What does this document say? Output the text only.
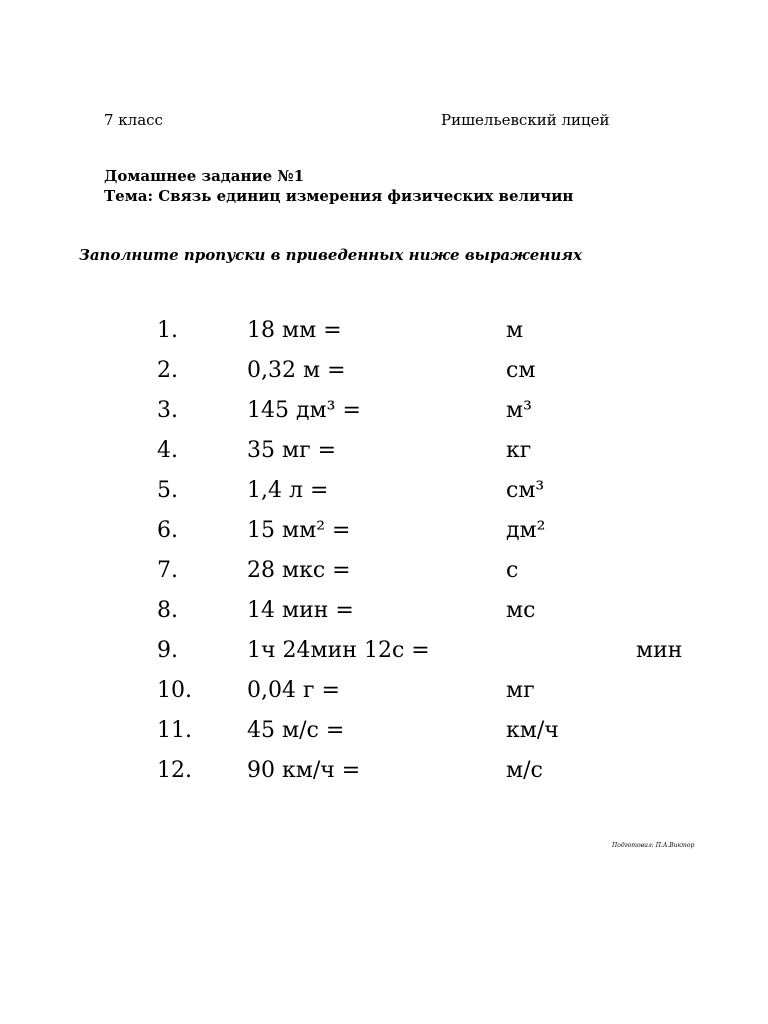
7 класс	Ришельевский лицей
Домашнее задание №1
Тема: Связь единиц измерения физических величин
Заполните пропуски в приведенных ниже выражениях
1.	18 мм =	м
2.	0,32 м =	см
3.	145 дм³ =	м³
4.	35 мг =	кг
5.	1,4 л =	см³
6.	15 мм² =	дм²
7.	28 мкс =	с
8.	14 мин =	мс
9.	1ч 24мин 12с =	мин
10.	0,04 г =	мг
11.	45 м/с =	км/ч
12.	90 км/ч =	м/с
Подготовил: П.А.Виктор
